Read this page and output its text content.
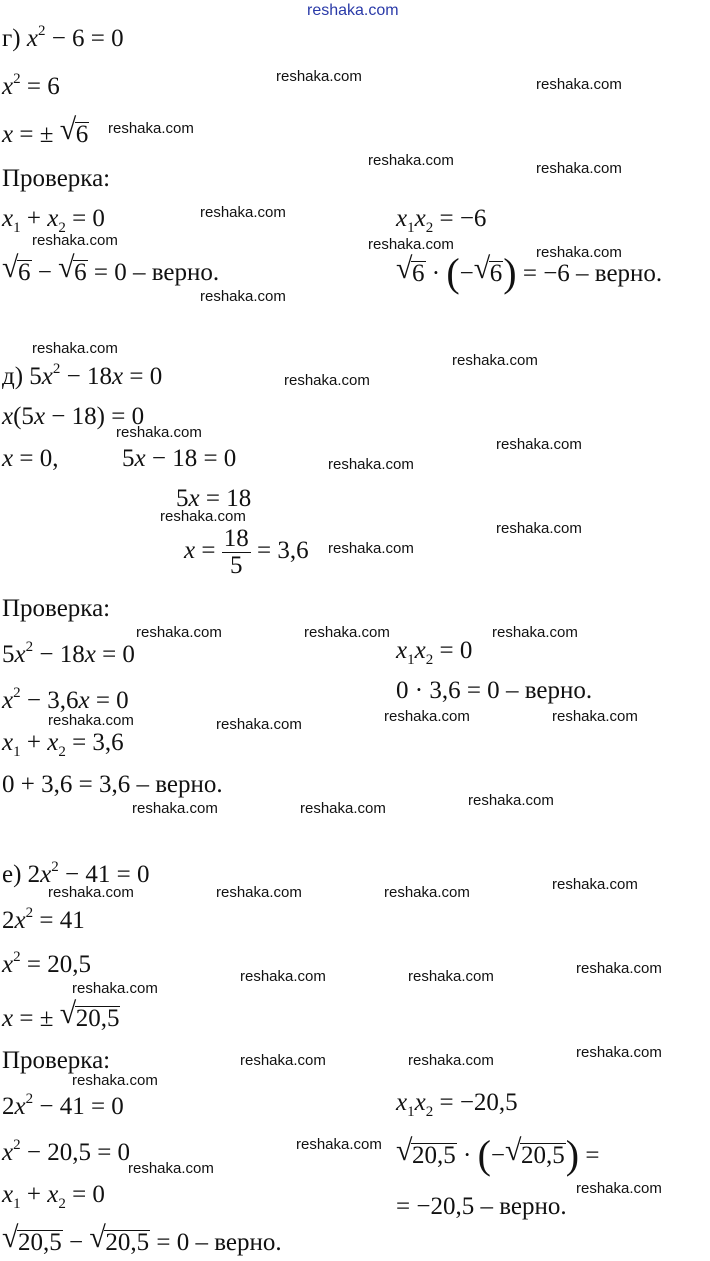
reshaka.com
г) $x^2 - 6 = 0$
$x^2 = 6$
x = ± √ 6
Проверка:
$x_1 + x_2 = 0$	$x_1x_2 = -6$
√ 6 − √ 6 = 0 – верно.	√ 6 · (− √ 6) = −6 – верно.
д) $5x^2 - 18x = 0$
x(5x − 18) = 0
x = 0,	5x − 18 = 0
5x = 18
$x = \frac{18}{5} = 3,6$
Проверка:
$5x^2 - 18x = 0$	$x_1x_2 = 0$
$x^2 - 3,6x = 0$	0 · 3,6 = 0 – верно.
$x_1 + x_2 = 3,6$
0 + 3,6 = 3,6 – верно.
е) $2x^2 - 41 = 0$
$2x^2 = 41$
$x^2 = 20,5$
x = ± √ 20,5
Проверка:
$2x^2 - 41 = 0$	$x_1x_2 = -20,5$
$x^2 - 20,5 = 0$	√ 20,5 · (− √ 20,5) =
$x_1 + x_2 = 0$	= −20,5 – верно.
√ 20,5 − √ 20,5 = 0 – верно.
reshaka.com	reshaka.com
reshaka.com
reshaka.com	reshaka.com
reshaka.com
reshaka.com	reshaka.com	reshaka.com
reshaka.com
reshaka.com
reshaka.com
reshaka.com
reshaka.com
reshaka.com
reshaka.com
reshaka.com
reshaka.com
reshaka.com
reshaka.com	reshaka.com	reshaka.com
reshaka.com	reshaka.com	reshaka.com	reshaka.com
reshaka.com	reshaka.com	reshaka.com
reshaka.com	reshaka.com	reshaka.com	reshaka.com
reshaka.com	reshaka.com	reshaka.com
reshaka.com
reshaka.com	reshaka.com	reshaka.com
reshaka.com
reshaka.com
reshaka.com
reshaka.com
